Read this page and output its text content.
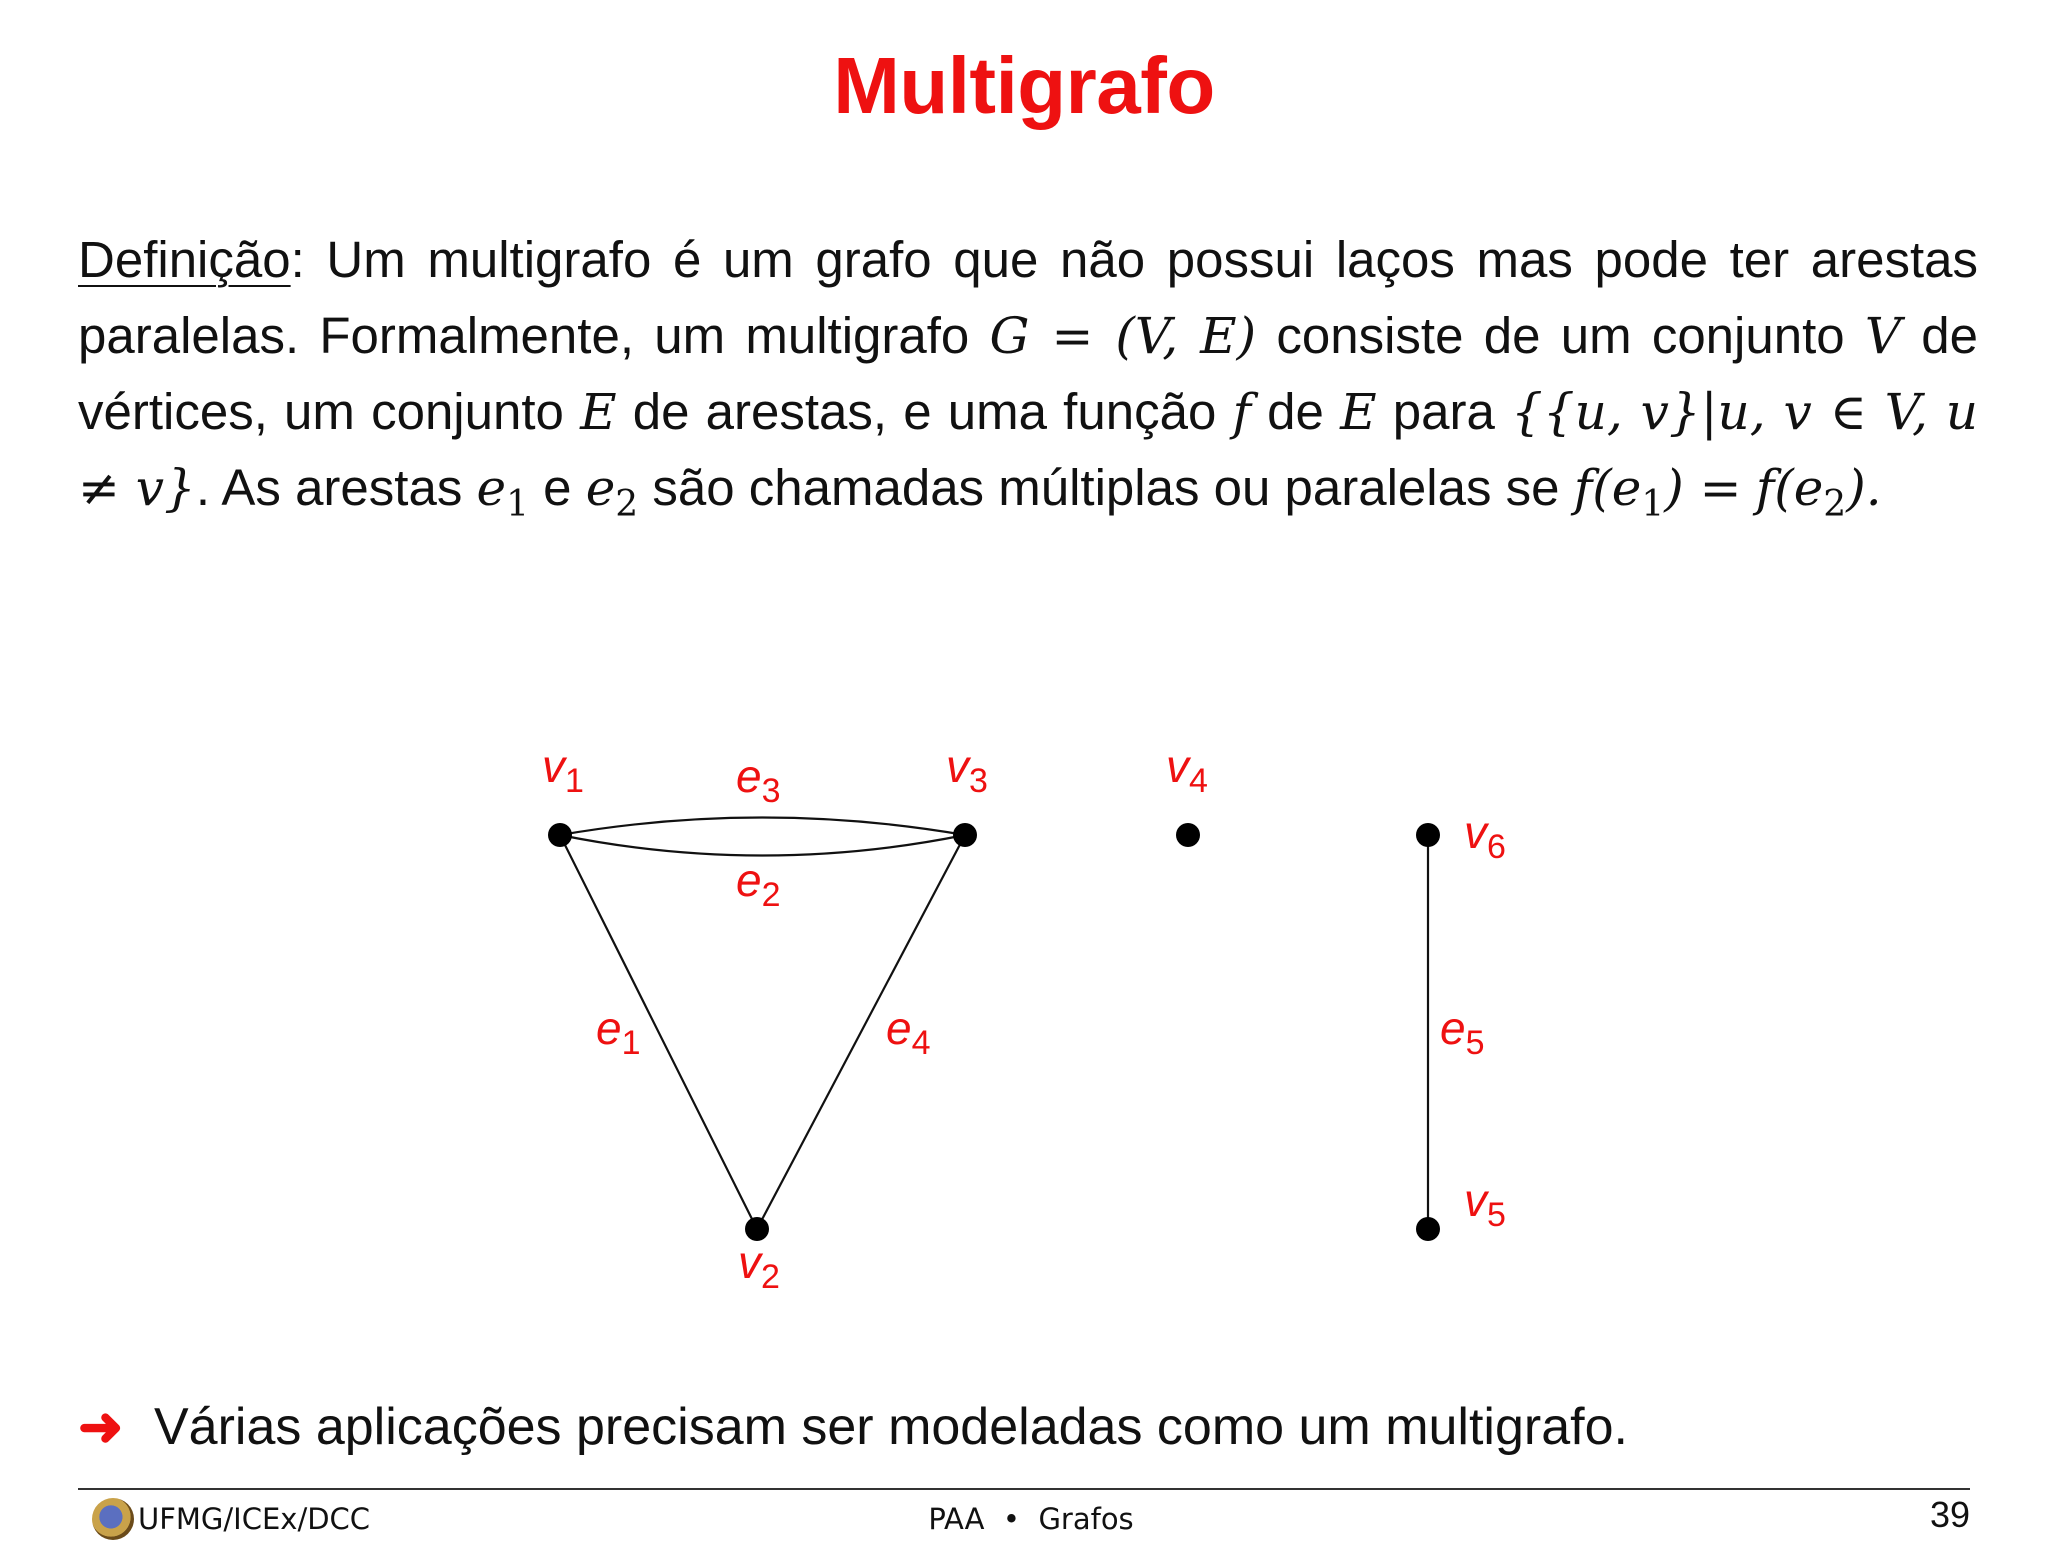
Multigrafo
Definição: Um multigrafo é um grafo que não possui laços mas pode ter arestas paralelas. Formalmente, um multigrafo G = (V, E) consiste de um conjunto V de vértices, um conjunto E de arestas, e uma função f de E para {{u, v}|u, v ∈ V, u ≠ v}. As arestas $e_1$ e $e_2$ são chamadas múltiplas ou paralelas se $f(e_1) = f(e_2)$.
$v_1$	$v_3$	$v_4$
$v_6$
$v_2$
$v_5$
$e_3$
$e_2$
$e_1$	$e_4$	$e_5$
➜ Várias aplicações precisam ser modeladas como um multigrafo.
UFMG/ICEx/DCC	PAA • Grafos	39
